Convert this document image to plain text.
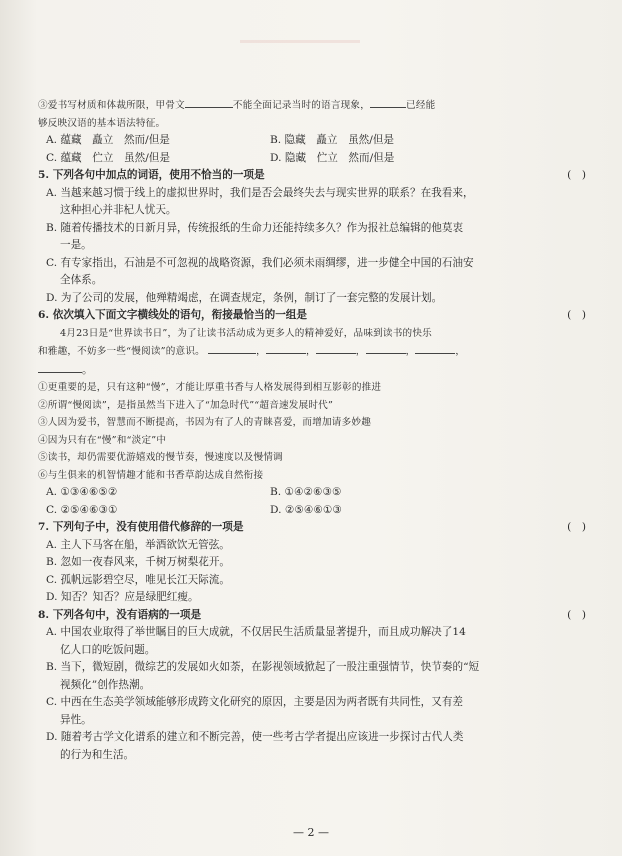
③爱书写材质和体裁所限，甲骨文	不能全面记录当时的语言现象，	已经能
够反映汉语的基本语法特征。
A. 蕴藏　矗立　然而/但是	B. 隐藏　矗立　虽然/但是
C. 蕴藏　伫立　虽然/但是	D. 隐藏　伫立　然而/但是
5. 下列各句中加点的词语，使用不恰当的一项是	(　)
A. 当越来越习惯于线上的虚拟世界时，我们是否会最终失去与现实世界的联系？在我看来，
这种担心并非杞人忧天。
B. 随着传播技术的日新月异，传统报纸的生命力还能持续多久？作为报社总编辑的他莫衷
一是。
C. 有专家指出，石油是不可忽视的战略资源，我们必须未雨绸缪，进一步健全中国的石油安
全体系。
D. 为了公司的发展，他殚精竭虑，在调查规定，条例，制订了一套完整的发展计划。
6. 依次填入下面文字横线处的语句，衔接最恰当的一组是	(　)
4月23日是“世界读书日”，为了让读书活动成为更多人的精神爱好，品味到读书的快乐
和雅趣，不妨多一些“慢阅读”的意识。	，	，	，	，	，
。
①更重要的是，只有这种“慢”，才能让厚重书香与人格发展得到相互影彰的推进
②所谓“慢阅读”，是指虽然当下进入了“加急时代”“超音速发展时代”
③人因为爱书，智慧而不断提高，书因为有了人的青睐喜爱，而增加请多妙趣
④因为只有在“慢”和“淡定”中
⑤读书，却仍需要优游嬉戏的慢节奏，慢速度以及慢情调
⑥与生俱来的机智情趣才能和书香草韵达成自然衔接
A. ①③④⑥⑤②	B. ①④②⑥③⑤
C. ②⑤④⑥③①	D. ②⑤④⑥①③
7. 下列句子中，没有使用借代修辞的一项是	(　)
A. 主人下马客在船，举酒欲饮无管弦。
B. 忽如一夜春风来，千树万树梨花开。
C. 孤帆远影碧空尽，唯见长江天际流。
D. 知否？知否？应是绿肥红瘦。
8. 下列各句中，没有语病的一项是	(　)
A. 中国农业取得了举世瞩目的巨大成就，不仅居民生活质量显著提升，而且成功解决了14
亿人口的吃饭问题。
B. 当下，微短剧，微综艺的发展如火如荼，在影视领域掀起了一股注重强情节，快节奏的“短
视频化”创作热潮。
C. 中西在生态美学领域能够形成跨文化研究的原因，主要是因为两者既有共同性，又有差
异性。
D. 随着考古学文化谱系的建立和不断完善，使一些考古学者提出应该进一步探讨古代人类
的行为和生活。
— 2 —
